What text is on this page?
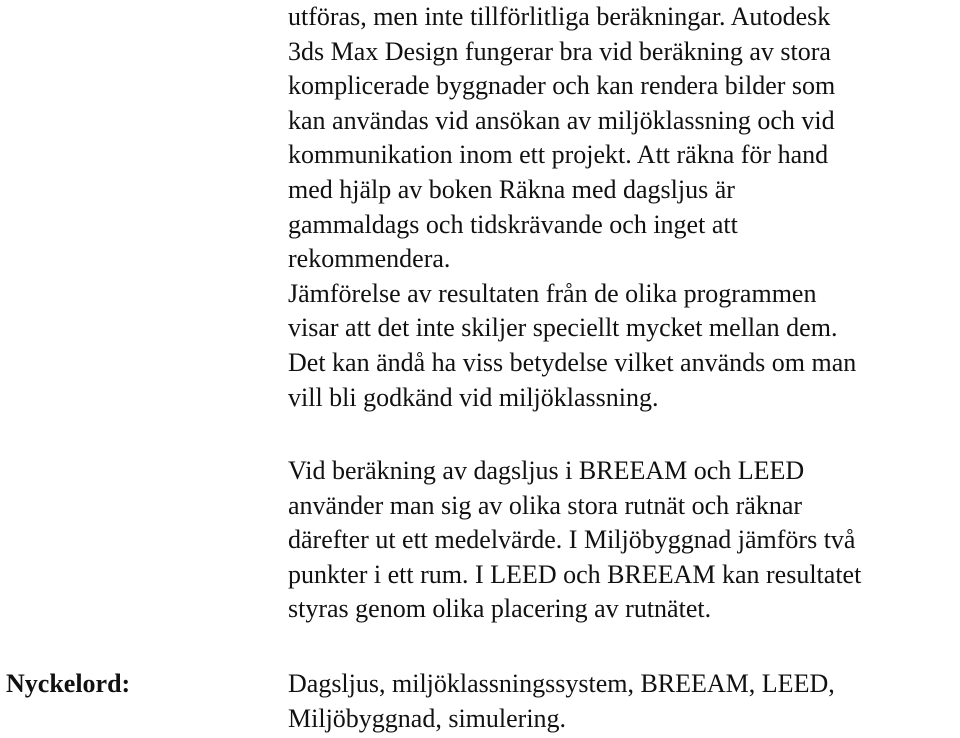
utföras, men inte tillförlitliga beräkningar. Autodesk
3ds Max Design fungerar bra vid beräkning av stora
komplicerade byggnader och kan rendera bilder som
kan användas vid ansökan av miljöklassning och vid
kommunikation inom ett projekt. Att räkna för hand
med hjälp av boken Räkna med dagsljus är
gammaldags och tidskrävande och inget att
rekommendera.
Jämförelse av resultaten från de olika programmen
visar att det inte skiljer speciellt mycket mellan dem.
Det kan ändå ha viss betydelse vilket används om man
vill bli godkänd vid miljöklassning.
Vid beräkning av dagsljus i BREEAM och LEED
använder man sig av olika stora rutnät och räknar
därefter ut ett medelvärde. I Miljöbyggnad jämförs två
punkter i ett rum. I LEED och BREEAM kan resultatet
styras genom olika placering av rutnätet.
Nyckelord:	Dagsljus, miljöklassningssystem, BREEAM, LEED,
Miljöbyggnad, simulering.
